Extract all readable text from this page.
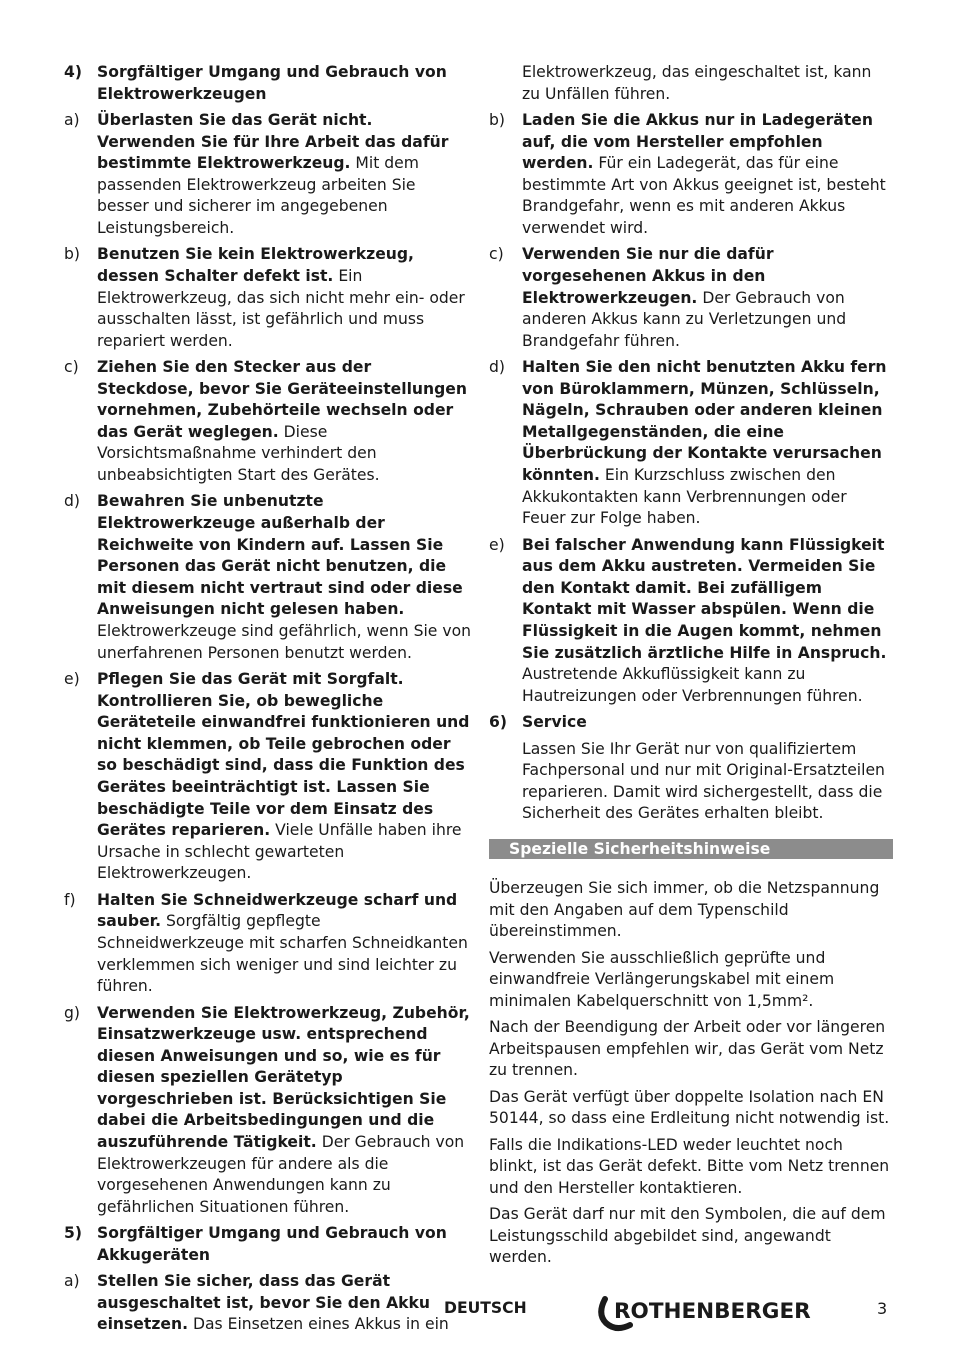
4) Sorgfältiger Umgang und Gebrauch von Elektrowerkzeugen
a) Überlasten Sie das Gerät nicht. Verwenden Sie für Ihre Arbeit das dafür bestimmte Elektrowerkzeug. Mit dem passenden Elektrowerkzeug arbeiten Sie besser und sicherer im angegebenen Leistungsbereich.
b) Benutzen Sie kein Elektrowerkzeug, dessen Schalter defekt ist. Ein Elektrowerkzeug, das sich nicht mehr ein- oder ausschalten lässt, ist gefährlich und muss repariert werden.
c) Ziehen Sie den Stecker aus der Steckdose, bevor Sie Geräteeinstellungen vornehmen, Zubehörteile wechseln oder das Gerät weglegen. Diese Vorsichtsmaßnahme verhindert den unbeabsichtigten Start des Gerätes.
d) Bewahren Sie unbenutzte Elektrowerkzeuge außerhalb der Reichweite von Kindern auf. Lassen Sie Personen das Gerät nicht benutzen, die mit diesem nicht vertraut sind oder diese Anweisungen nicht gelesen haben. Elektrowerkzeuge sind gefährlich, wenn Sie von unerfahrenen Personen benutzt werden.
e) Pflegen Sie das Gerät mit Sorgfalt. Kontrollieren Sie, ob bewegliche Geräteteile einwandfrei funktionieren und nicht klemmen, ob Teile gebrochen oder so beschädigt sind, dass die Funktion des Gerätes beeinträchtigt ist. Lassen Sie beschädigte Teile vor dem Einsatz des Gerätes reparieren. Viele Unfälle haben ihre Ursache in schlecht gewarteten Elektrowerkzeugen.
f) Halten Sie Schneidwerkzeuge scharf und sauber. Sorgfältig gepflegte Schneidwerkzeuge mit scharfen Schneidkanten verklemmen sich weniger und sind leichter zu führen.
g) Verwenden Sie Elektrowerkzeug, Zubehör, Einsatzwerkzeuge usw. entsprechend diesen Anweisungen und so, wie es für diesen speziellen Gerätetyp vorgeschrieben ist. Berücksichtigen Sie dabei die Arbeitsbedingungen und die auszuführende Tätigkeit. Der Gebrauch von Elektrowerkzeugen für andere als die vorgesehenen Anwendungen kann zu gefährlichen Situationen führen.
5) Sorgfältiger Umgang und Gebrauch von Akkugeräten
a) Stellen Sie sicher, dass das Gerät ausgeschaltet ist, bevor Sie den Akku einsetzen. Das Einsetzen eines Akkus in ein
Elektrowerkzeug, das eingeschaltet ist, kann zu Unfällen führen.
b) Laden Sie die Akkus nur in Ladegeräten auf, die vom Hersteller empfohlen werden. Für ein Ladegerät, das für eine bestimmte Art von Akkus geeignet ist, besteht Brandgefahr, wenn es mit anderen Akkus verwendet wird.
c) Verwenden Sie nur die dafür vorgesehenen Akkus in den Elektrowerkzeugen. Der Gebrauch von anderen Akkus kann zu Verletzungen und Brandgefahr führen.
d) Halten Sie den nicht benutzten Akku fern von Büroklammern, Münzen, Schlüsseln, Nägeln, Schrauben oder anderen kleinen Metallgegenständen, die eine Überbrückung der Kontakte verursachen könnten. Ein Kurzschluss zwischen den Akkukontakten kann Verbrennungen oder Feuer zur Folge haben.
e) Bei falscher Anwendung kann Flüssigkeit aus dem Akku austreten. Vermeiden Sie den Kontakt damit. Bei zufälligem Kontakt mit Wasser abspülen. Wenn die Flüssigkeit in die Augen kommt, nehmen Sie zusätzlich ärztliche Hilfe in Anspruch. Austretende Akkuflüssigkeit kann zu Hautreizungen oder Verbrennungen führen.
6) Service
Lassen Sie Ihr Gerät nur von qualifiziertem Fachpersonal und nur mit Original-Ersatzteilen reparieren. Damit wird sichergestellt, dass die Sicherheit des Gerätes erhalten bleibt.
Spezielle Sicherheitshinweise
Überzeugen Sie sich immer, ob die Netzspannung mit den Angaben auf dem Typenschild übereinstimmen.
Verwenden Sie ausschließlich geprüfte und einwandfreie Verlängerungskabel mit einem minimalen Kabelquerschnitt von 1,5mm².
Nach der Beendigung der Arbeit oder vor längeren Arbeitspausen empfehlen wir, das Gerät vom Netz zu trennen.
Das Gerät verfügt über doppelte Isolation nach EN 50144, so dass eine Erdleitung nicht notwendig ist.
Falls die Indikations-LED weder leuchtet noch blinkt, ist das Gerät defekt. Bitte vom Netz trennen und den Hersteller kontaktieren.
Das Gerät darf nur mit den Symbolen, die auf dem Leistungsschild abgebildet sind, angewandt werden.
DEUTSCH	ROTHENBERGER	3
